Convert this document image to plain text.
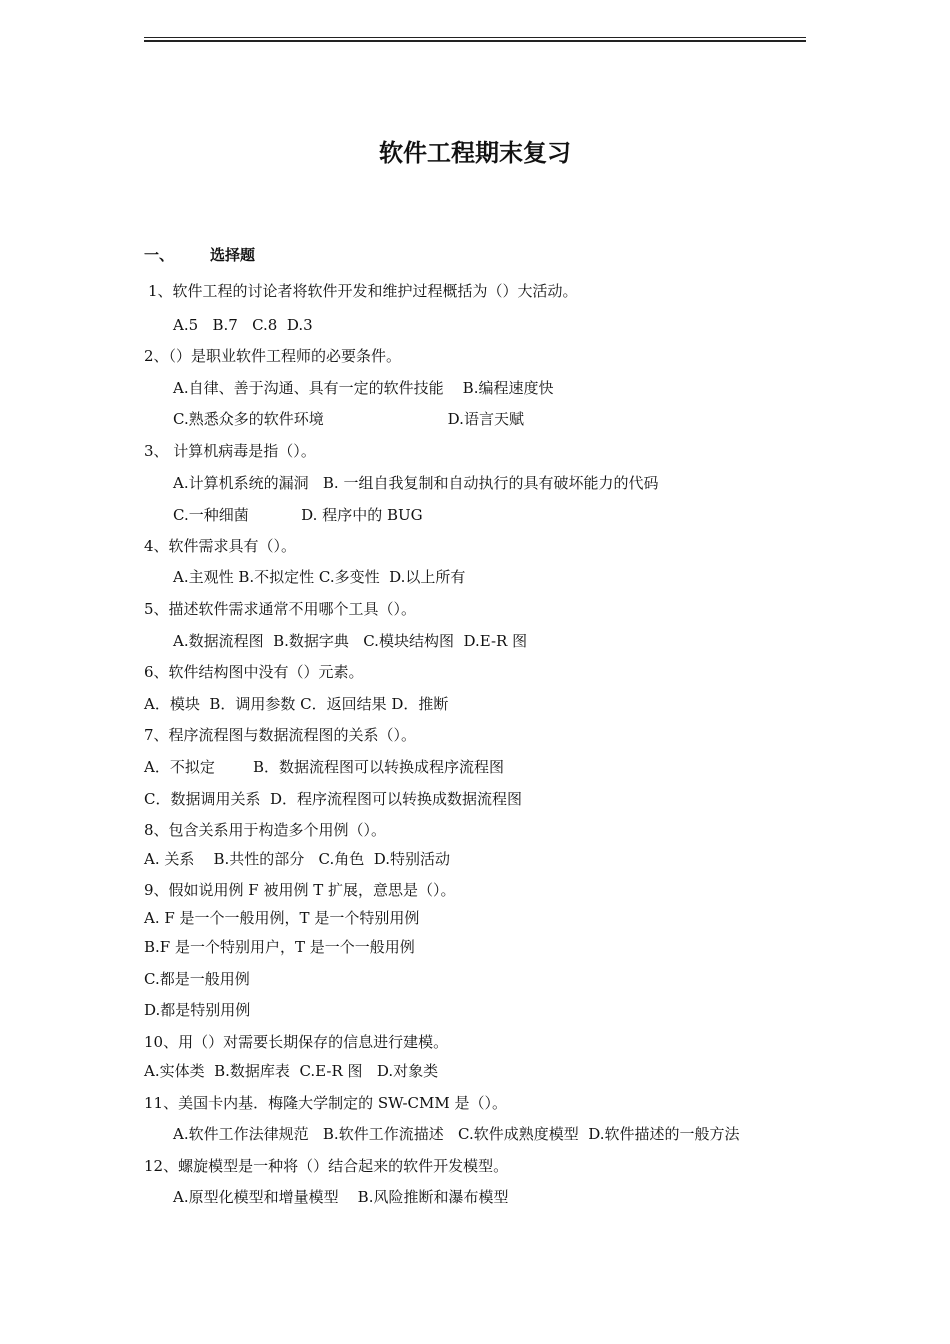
软件工程期末复习
一、 选择题
1、软件工程的讨论者将软件开发和维护过程概括为（）大活动。
A.5   B.7   C.8  D.3
2、（）是职业软件工程师的必要条件。
A.自律、善于沟通、具有一定的软件技能    B.编程速度快
C.熟悉众多的软件环境                          D.语言天赋
3、 计算机病毒是指（）。
A.计算机系统的漏洞   B. 一组自我复制和自动执行的具有破坏能力的代码
C.一种细菌           D. 程序中的 BUG
4、软件需求具有（）。
A.主观性 B.不拟定性 C.多变性  D.以上所有
5、描述软件需求通常不用哪个工具（）。
A.数据流程图  B.数据字典   C.模块结构图  D.E-R 图
6、软件结构图中没有（）元素。
A．模块  B．调用参数 C．返回结果 D．推断
7、程序流程图与数据流程图的关系（）。
A．不拟定        B．数据流程图可以转换成程序流程图
C．数据调用关系  D．程序流程图可以转换成数据流程图
8、包含关系用于构造多个用例（）。
A. 关系    B.共性的部分   C.角色  D.特别活动
9、假如说用例 F 被用例 T 扩展，意思是（）。
A. F 是一个一般用例，T 是一个特别用例
B.F 是一个特别用户，T 是一个一般用例
C.都是一般用例
D.都是特别用例
10、用（）对需要长期保存的信息进行建模。
A.实体类  B.数据库表  C.E-R 图   D.对象类
11、美国卡内基．梅隆大学制定的 SW-CMM 是（）。
A.软件工作法律规范   B.软件工作流描述   C.软件成熟度模型  D.软件描述的一般方法
12、螺旋模型是一种将（）结合起来的软件开发模型。
A.原型化模型和增量模型    B.风险推断和瀑布模型
